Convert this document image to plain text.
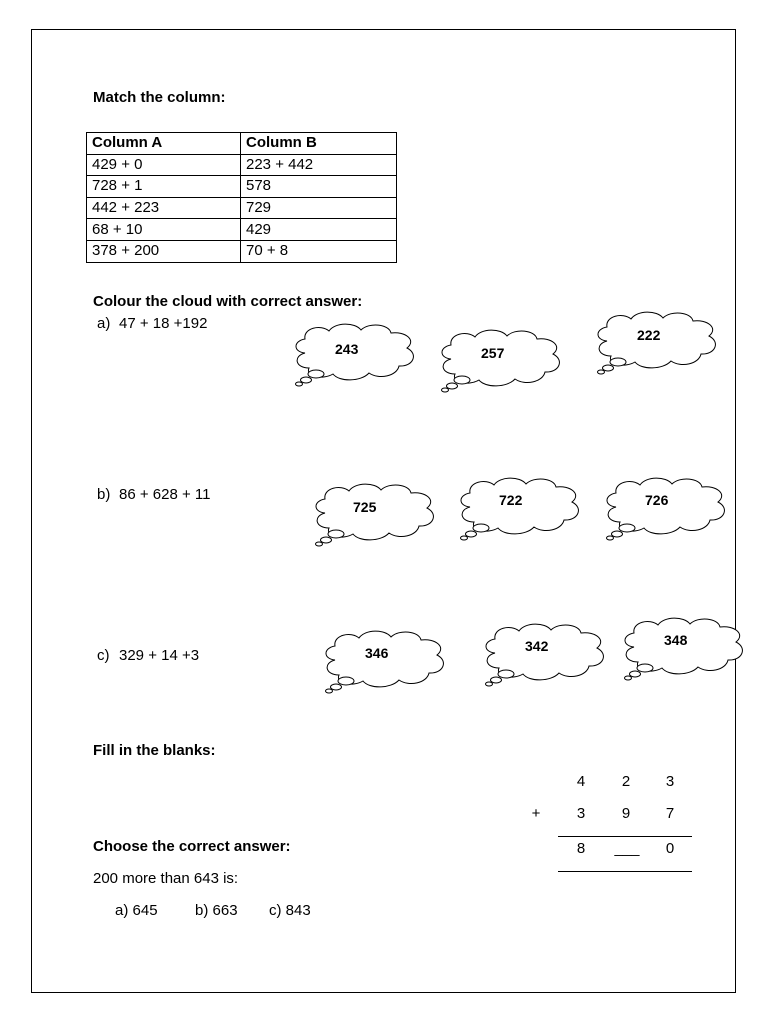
Match the column:
Column A	Column B
429 + 0	223 + 442
728 + 1	578
442 + 223	729
68 + 10	429
378 + 200	70 + 8
Colour the cloud with correct answer:
a) 47 + 18 +192
b) 86 + 628 + 11
c) 329 + 14 +3
243	257
222
725	722	726
346	342	348
Fill in the blanks:
4	2	3
+	3	9	7
8	___	0
Choose the correct answer:
200 more than 643 is:
a) 645 b) 663 c) 843
